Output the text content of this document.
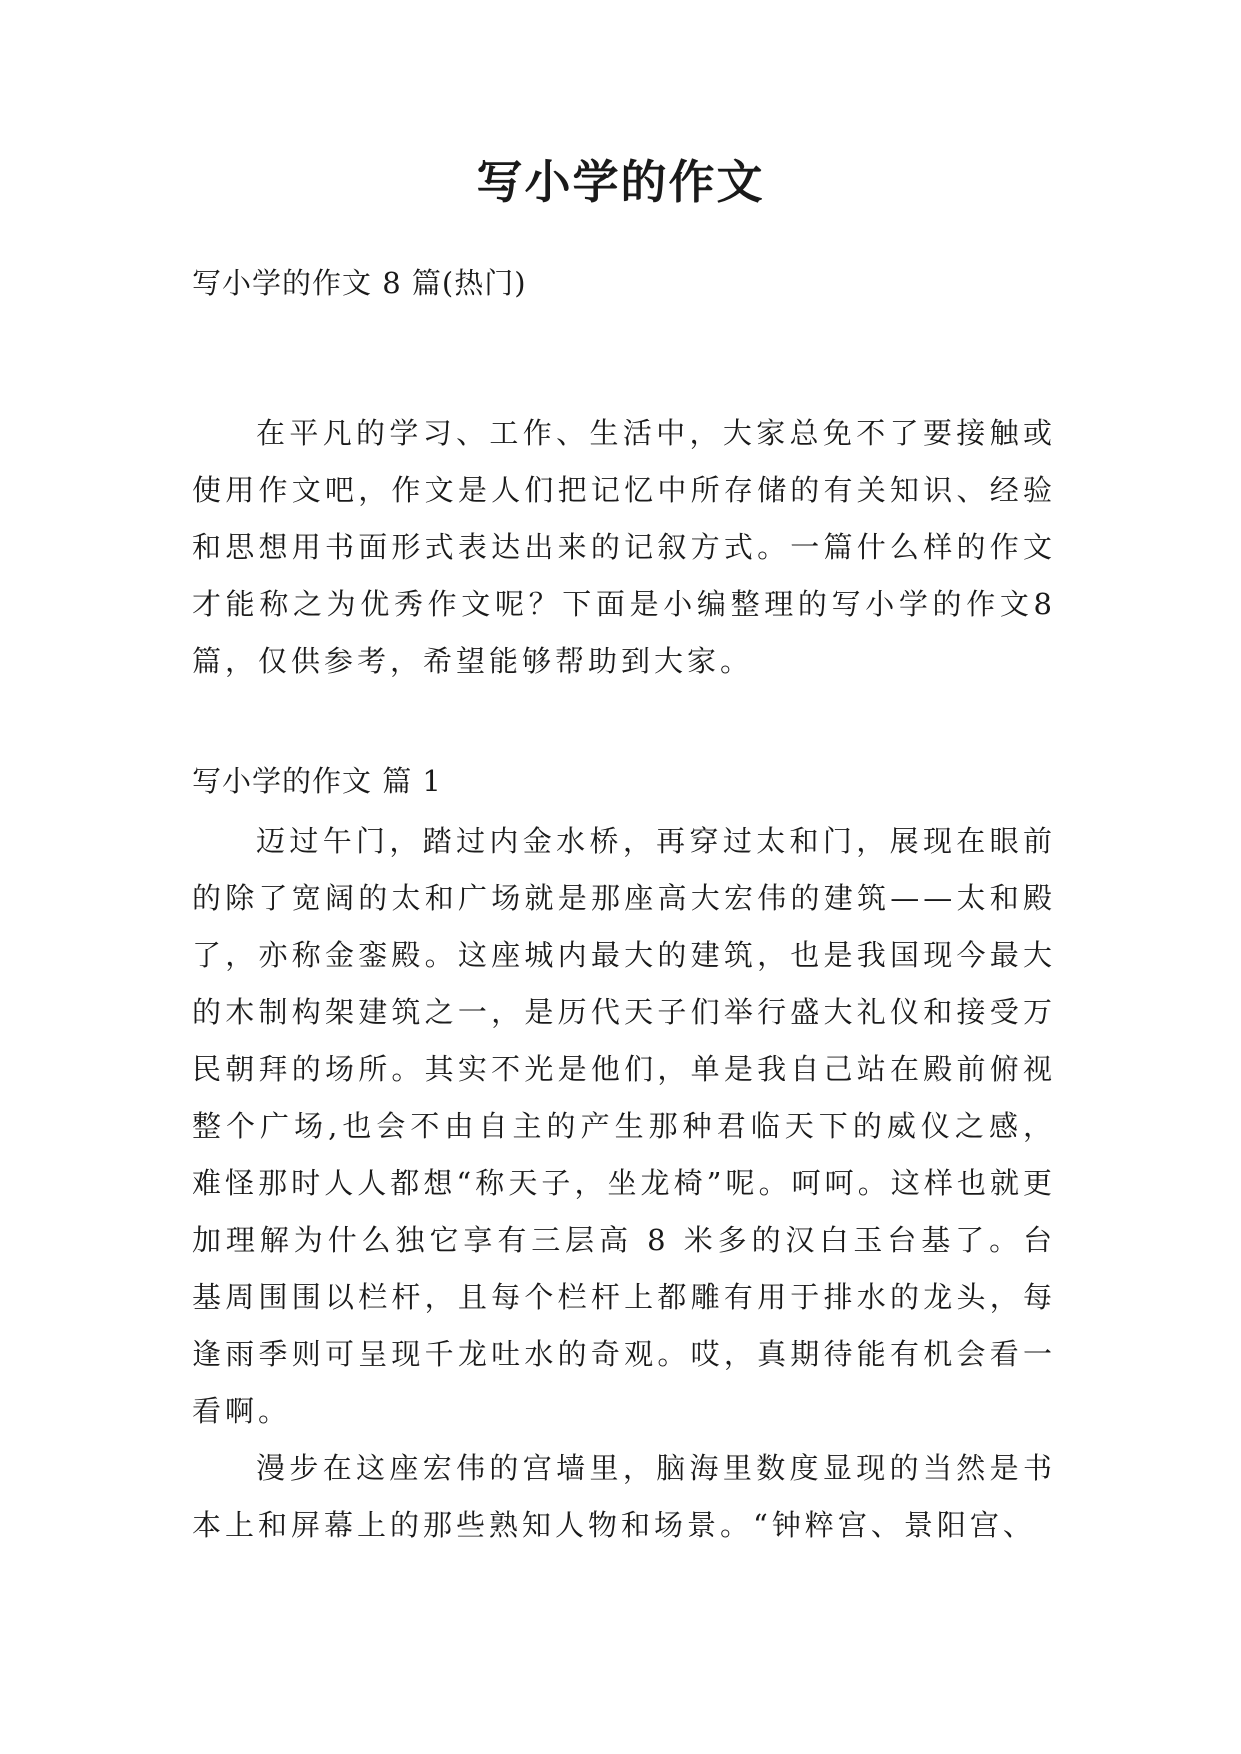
写小学的作文
写小学的作文 8 篇(热门)

在平凡的学习、工作、生活中，大家总免不了要接触或使用作文吧，作文是人们把记忆中所存储的有关知识、经验和思想用书面形式表达出来的记叙方式。一篇什么样的作文才能称之为优秀作文呢？下面是小编整理的写小学的作文8篇，仅供参考，希望能够帮助到大家。

写小学的作文 篇 1

迈过午门，踏过内金水桥，再穿过太和门，展现在眼前的除了宽阔的太和广场就是那座高大宏伟的建筑——太和殿了，亦称金銮殿。这座城内最大的建筑，也是我国现今最大的木制构架建筑之一，是历代天子们举行盛大礼仪和接受万民朝拜的场所。其实不光是他们，单是我自己站在殿前俯视整个广场,也会不由自主的产生那种君临天下的威仪之感，难怪那时人人都想“称天子，坐龙椅”呢。呵呵。这样也就更加理解为什么独它享有三层高 8 米多的汉白玉台基了。台基周围围以栏杆，且每个栏杆上都雕有用于排水的龙头，每逢雨季则可呈现千龙吐水的奇观。哎，真期待能有机会看一看啊。

漫步在这座宏伟的宫墙里，脑海里数度显现的当然是书本上和屏幕上的那些熟知人物和场景。“钟粹宫、景阳宫、
